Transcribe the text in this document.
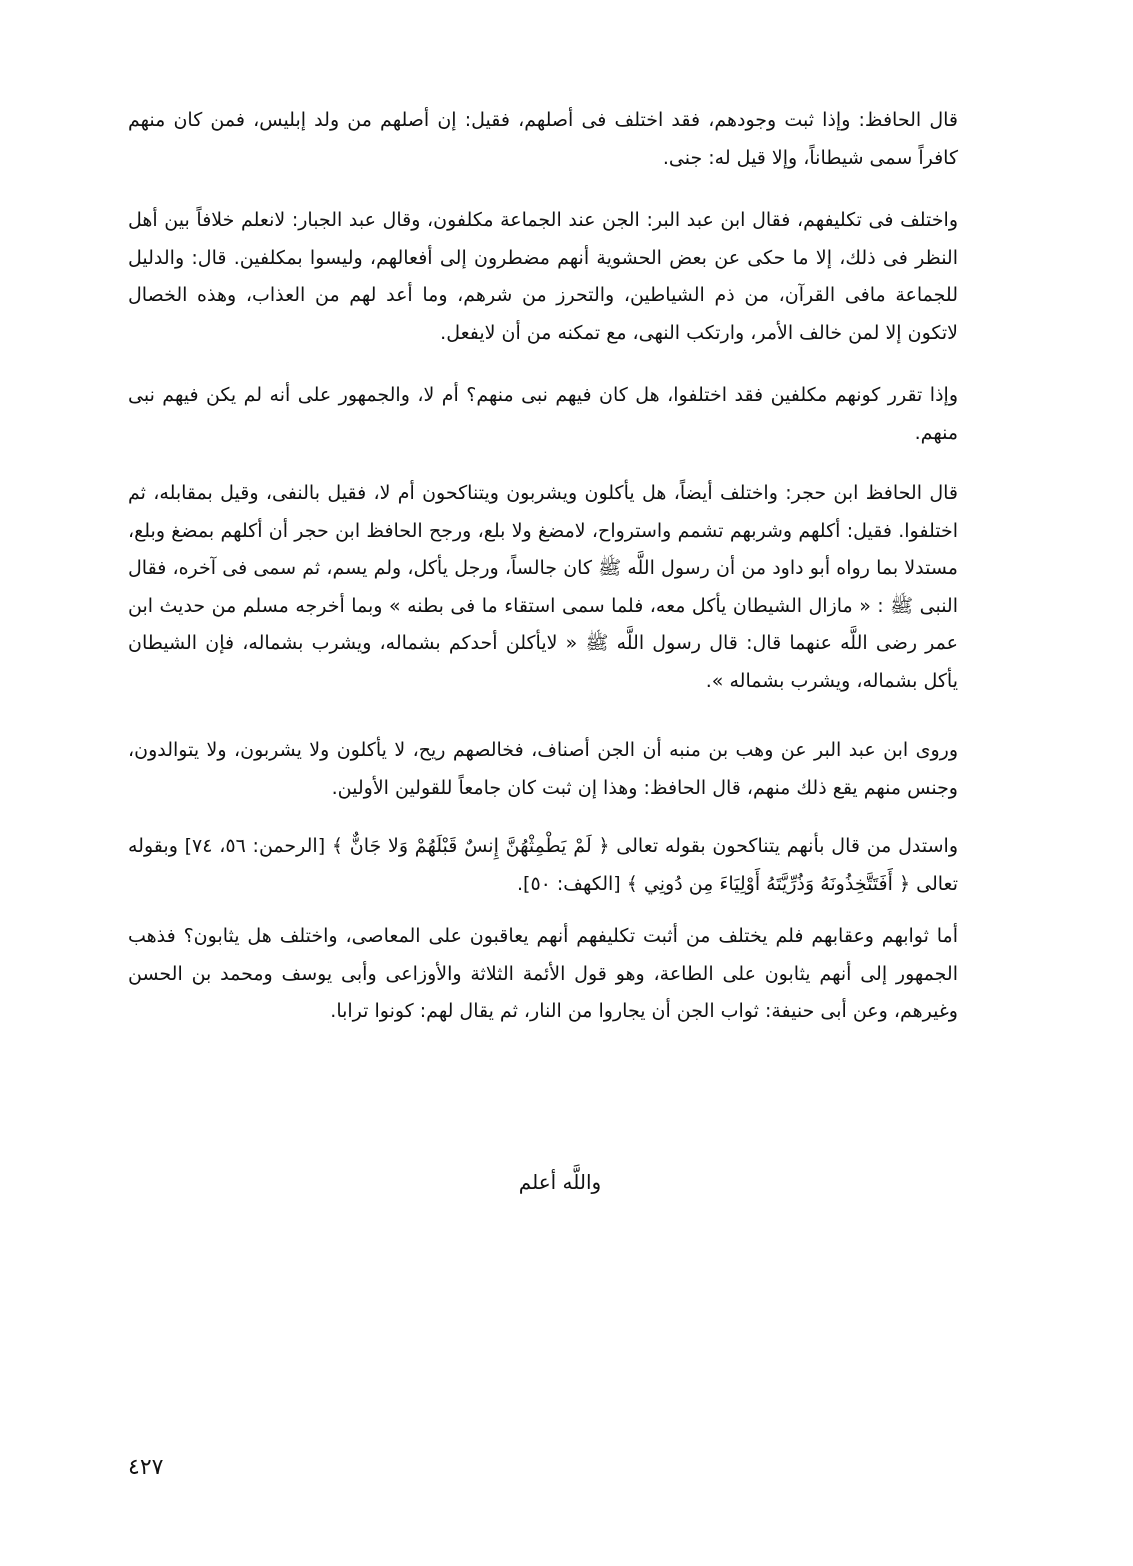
قال الحافظ: وإذا ثبت وجودهم، فقد اختلف فى أصلهم، فقيل: إن أصلهم من ولد إبليس، فمن كان منهم كافراً سمى شيطاناً، وإلا قيل له: جنى.

واختلف فى تكليفهم، فقال ابن عبد البر: الجن عند الجماعة مكلفون، وقال عبد الجبار: لانعلم خلافاً بين أهل النظر فى ذلك، إلا ما حكى عن بعض الحشوية أنهم مضطرون إلى أفعالهم، وليسوا بمكلفين. قال: والدليل للجماعة مافى القرآن، من ذم الشياطين، والتحرز من شرهم، وما أعد لهم من العذاب، وهذه الخصال لاتكون إلا لمن خالف الأمر، وارتكب النهى، مع تمكنه من أن لايفعل.

وإذا تقرر كونهم مكلفين فقد اختلفوا، هل كان فيهم نبى منهم؟ أم لا، والجمهور على أنه لم يكن فيهم نبى منهم.

قال الحافظ ابن حجر: واختلف أيضاً، هل يأكلون ويشربون ويتناكحون أم لا، فقيل بالنفى، وقيل بمقابله، ثم اختلفوا. فقيل: أكلهم وشربهم تشمم واسترواح، لامضغ ولا بلع، ورجح الحافظ ابن حجر أن أكلهم بمضغ وبلع، مستدلا بما رواه أبو داود من أن رسول اللَّه ﷺ كان جالساً، ورجل يأكل، ولم يسم، ثم سمى فى آخره، فقال النبى ﷺ : « مازال الشيطان يأكل معه، فلما سمى استقاء ما فى بطنه » وبما أخرجه مسلم من حديث ابن عمر رضى اللَّه عنهما قال: قال رسول اللَّه ﷺ « لايأكلن أحدكم بشماله، ويشرب بشماله، فإن الشيطان يأكل بشماله، ويشرب بشماله ».

وروى ابن عبد البر عن وهب بن منبه أن الجن أصناف، فخالصهم ريح، لا يأكلون ولا يشربون، ولا يتوالدون، وجنس منهم يقع ذلك منهم، قال الحافظ: وهذا إن ثبت كان جامعاً للقولين الأولين.

واستدل من قال بأنهم يتناكحون بقوله تعالى ﴿ لَمْ يَطْمِثْهُنَّ إِنسٌ قَبْلَهُمْ وَلا جَانٌّ ﴾ [الرحمن: ٥٦، ٧٤] وبقوله تعالى ﴿ أَفَتَتَّخِذُونَهُ وَذُرِّيَّتَهُ أَوْلِيَاءَ مِن دُونِي ﴾ [الكهف: ٥٠].

أما ثوابهم وعقابهم فلم يختلف من أثبت تكليفهم أنهم يعاقبون على المعاصى، واختلف هل يثابون؟ فذهب الجمهور إلى أنهم يثابون على الطاعة، وهو قول الأئمة الثلاثة والأوزاعى وأبى يوسف ومحمد بن الحسن وغيرهم، وعن أبى حنيفة: ثواب الجن أن يجاروا من النار، ثم يقال لهم: كونوا ترابا.

واللَّه أعلم
٤٢٧
